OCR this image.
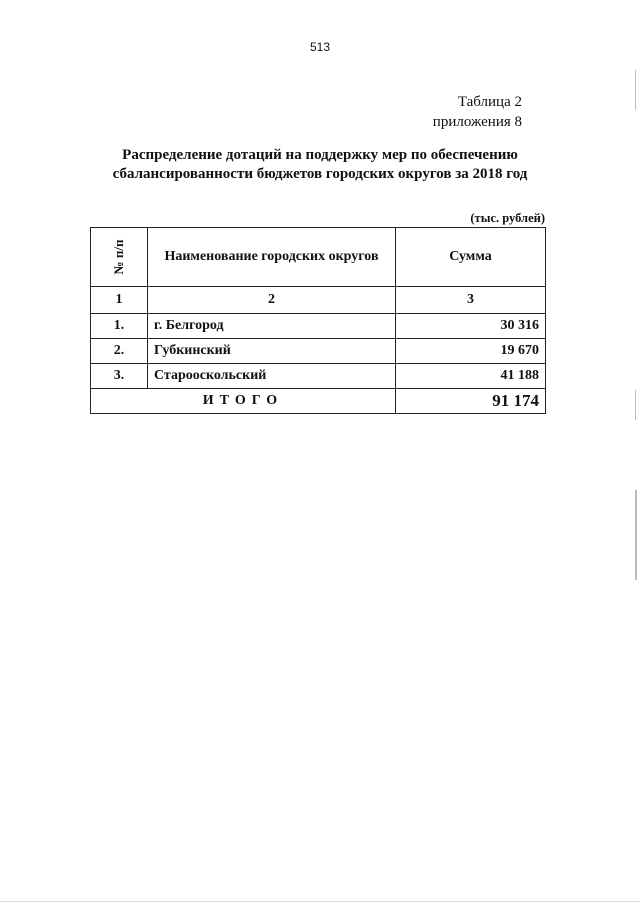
513
Таблица 2
приложения 8
Распределение дотаций на поддержку мер по обеспечению
сбалансированности бюджетов городских округов за 2018 год
(тыс. рублей)
№ п/п	Наименование городских округов	Сумма
1	2	3
1.	г. Белгород	30 316
2.	Губкинский	19 670
3.	Старооскольский	41 188
ИТОГО		91 174
